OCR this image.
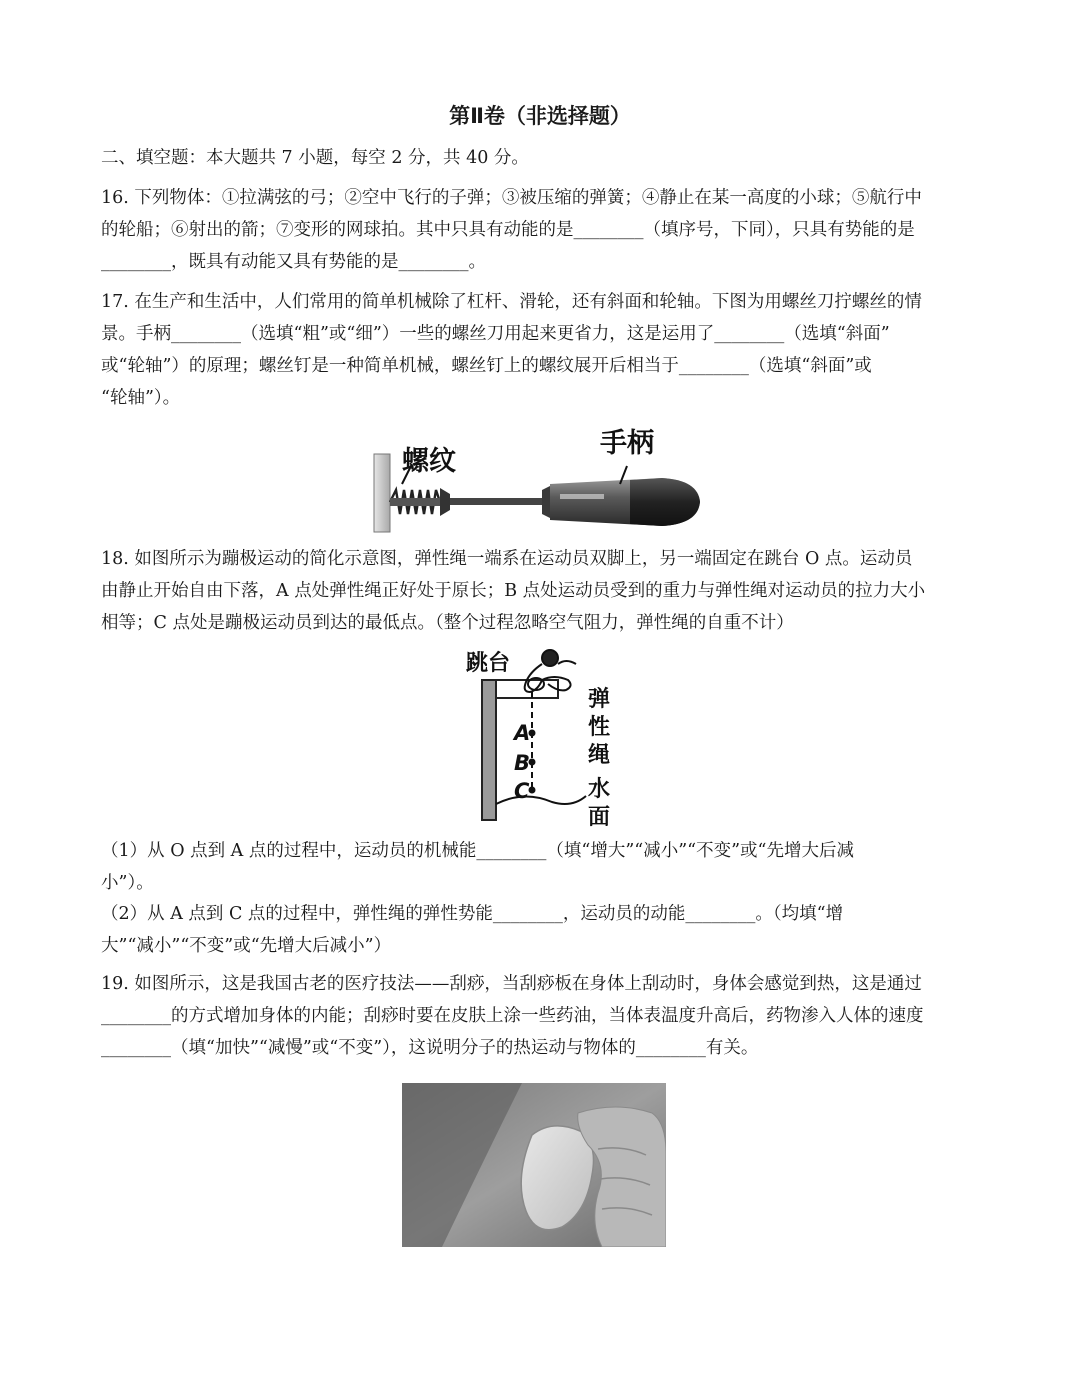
第Ⅱ卷（非选择题）
二、填空题：本大题共 7 小题，每空 2 分，共 40 分。
16. 下列物体：①拉满弦的弓；②空中飞行的子弹；③被压缩的弹簧；④静止在某一高度的小球；⑤航行中
的轮船；⑥射出的箭；⑦变形的网球拍。其中只具有动能的是________（填序号，下同），只具有势能的是
________，既具有动能又具有势能的是________。
17. 在生产和生活中，人们常用的简单机械除了杠杆、滑轮，还有斜面和轮轴。下图为用螺丝刀拧螺丝的情
景。手柄________（选填“粗”或“细”）一些的螺丝刀用起来更省力，这是运用了________（选填“斜面”
或“轮轴”）的原理；螺丝钉是一种简单机械，螺丝钉上的螺纹展开后相当于________（选填“斜面”或
“轮轴”）。
螺纹
手柄
18. 如图所示为蹦极运动的简化示意图，弹性绳一端系在运动员双脚上，另一端固定在跳台 O 点。运动员
由静止开始自由下落，A 点处弹性绳正好处于原长；B 点处运动员受到的重力与弹性绳对运动员的拉力大小
相等；C 点处是蹦极运动员到达的最低点。（整个过程忽略空气阻力，弹性绳的自重不计）
A
B
C
跳台
弹
性
绳
水
面
（1）从 O 点到 A 点的过程中，运动员的机械能________（填“增大”“减小”“不变”或“先增大后减
小”）。
（2）从 A 点到 C 点的过程中，弹性绳的弹性势能________，运动员的动能________。（均填“增
大”“减小”“不变”或“先增大后减小”）
19. 如图所示，这是我国古老的医疗技法——刮痧，当刮痧板在身体上刮动时，身体会感觉到热，这是通过
________的方式增加身体的内能；刮痧时要在皮肤上涂一些药油，当体表温度升高后，药物渗入人体的速度
________（填“加快”“减慢”或“不变”），这说明分子的热运动与物体的________有关。
